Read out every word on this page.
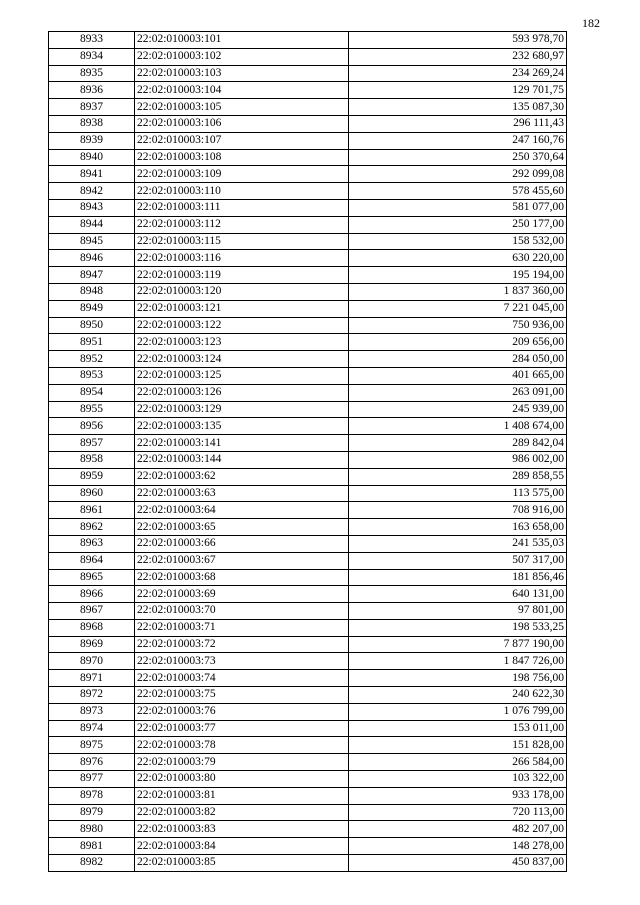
182
8933	22:02:010003:101	593 978,70
8934	22:02:010003:102	232 680,97
8935	22:02:010003:103	234 269,24
8936	22:02:010003:104	129 701,75
8937	22:02:010003:105	135 087,30
8938	22:02:010003:106	296 111,43
8939	22:02:010003:107	247 160,76
8940	22:02:010003:108	250 370,64
8941	22:02:010003:109	292 099,08
8942	22:02:010003:110	578 455,60
8943	22:02:010003:111	581 077,00
8944	22:02:010003:112	250 177,00
8945	22:02:010003:115	158 532,00
8946	22:02:010003:116	630 220,00
8947	22:02:010003:119	195 194,00
8948	22:02:010003:120	1 837 360,00
8949	22:02:010003:121	7 221 045,00
8950	22:02:010003:122	750 936,00
8951	22:02:010003:123	209 656,00
8952	22:02:010003:124	284 050,00
8953	22:02:010003:125	401 665,00
8954	22:02:010003:126	263 091,00
8955	22:02:010003:129	245 939,00
8956	22:02:010003:135	1 408 674,00
8957	22:02:010003:141	289 842,04
8958	22:02:010003:144	986 002,00
8959	22:02:010003:62	289 858,55
8960	22:02:010003:63	113 575,00
8961	22:02:010003:64	708 916,00
8962	22:02:010003:65	163 658,00
8963	22:02:010003:66	241 535,03
8964	22:02:010003:67	507 317,00
8965	22:02:010003:68	181 856,46
8966	22:02:010003:69	640 131,00
8967	22:02:010003:70	97 801,00
8968	22:02:010003:71	198 533,25
8969	22:02:010003:72	7 877 190,00
8970	22:02:010003:73	1 847 726,00
8971	22:02:010003:74	198 756,00
8972	22:02:010003:75	240 622,30
8973	22:02:010003:76	1 076 799,00
8974	22:02:010003:77	153 011,00
8975	22:02:010003:78	151 828,00
8976	22:02:010003:79	266 584,00
8977	22:02:010003:80	103 322,00
8978	22:02:010003:81	933 178,00
8979	22:02:010003:82	720 113,00
8980	22:02:010003:83	482 207,00
8981	22:02:010003:84	148 278,00
8982	22:02:010003:85	450 837,00
